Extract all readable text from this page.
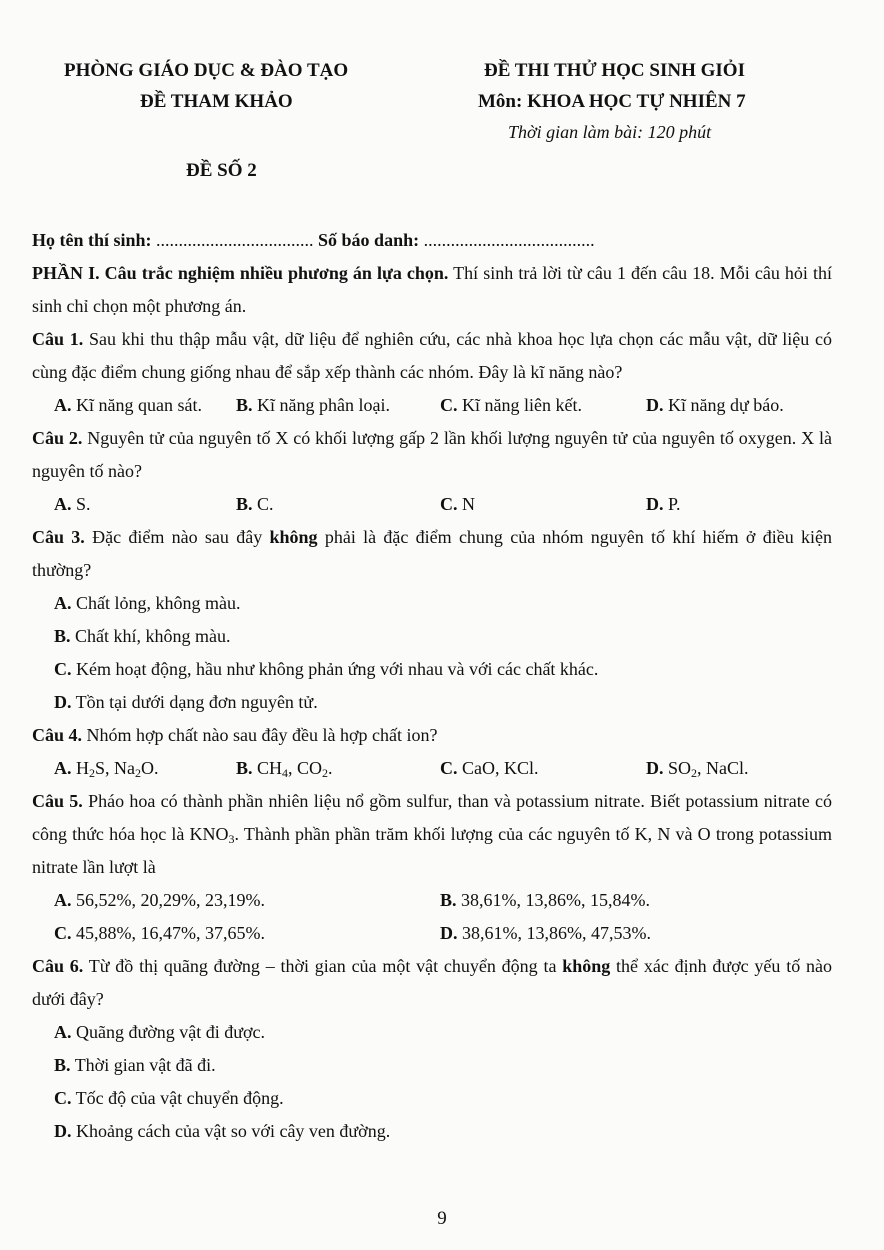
PHÒNG GIÁO DỤC & ĐÀO TẠO
ĐỀ THAM KHẢO
ĐỀ SỐ 2
ĐỀ THI THỬ HỌC SINH GIỎI
Môn: KHOA HỌC TỰ NHIÊN 7
Thời gian làm bài: 120 phút

Họ tên thí sinh: ................................... Số báo danh: ......................................

PHẦN I. Câu trắc nghiệm nhiều phương án lựa chọn. Thí sinh trả lời từ câu 1 đến câu 18. Mỗi câu hỏi thí sinh chỉ chọn một phương án.

Câu 1. Sau khi thu thập mẫu vật, dữ liệu để nghiên cứu, các nhà khoa học lựa chọn các mẫu vật, dữ liệu có cùng đặc điểm chung giống nhau để sắp xếp thành các nhóm. Đây là kĩ năng nào?

A. Kĩ năng quan sát. B. Kĩ năng phân loại.	C. Kĩ năng liên kết.	D. Kĩ năng dự báo.

Câu 2. Nguyên tử của nguyên tố X có khối lượng gấp 2 lần khối lượng nguyên tử của nguyên tố oxygen. X là nguyên tố nào?

A. S.	B. C.	C. N	D. P.

Câu 3. Đặc điểm nào sau đây không phải là đặc điểm chung của nhóm nguyên tố khí hiếm ở điều kiện thường?

A. Chất lỏng, không màu.

B. Chất khí, không màu.

C. Kém hoạt động, hầu như không phản ứng với nhau và với các chất khác.

D. Tồn tại dưới dạng đơn nguyên tử.

Câu 4. Nhóm hợp chất nào sau đây đều là hợp chất ion?

A. $H_2S$, $Na_2O$.	B. $CH_4$, $CO_2$.	C. CaO, KCl.	D. $SO_2$, NaCl.

Câu 5. Pháo hoa có thành phần nhiên liệu nổ gồm sulfur, than và potassium nitrate. Biết potassium nitrate có công thức hóa học là $KNO_3$. Thành phần phần trăm khối lượng của các nguyên tố K, N và O trong potassium nitrate lần lượt là

A. 56,52%, 20,29%, 23,19%.	B. 38,61%, 13,86%, 15,84%.
C. 45,88%, 16,47%, 37,65%.	D. 38,61%, 13,86%, 47,53%.

Câu 6. Từ đồ thị quãng đường – thời gian của một vật chuyển động ta không thể xác định được yếu tố nào dưới đây?

A. Quãng đường vật đi được.

B. Thời gian vật đã đi.

C. Tốc độ của vật chuyển động.

D. Khoảng cách của vật so với cây ven đường.

9
